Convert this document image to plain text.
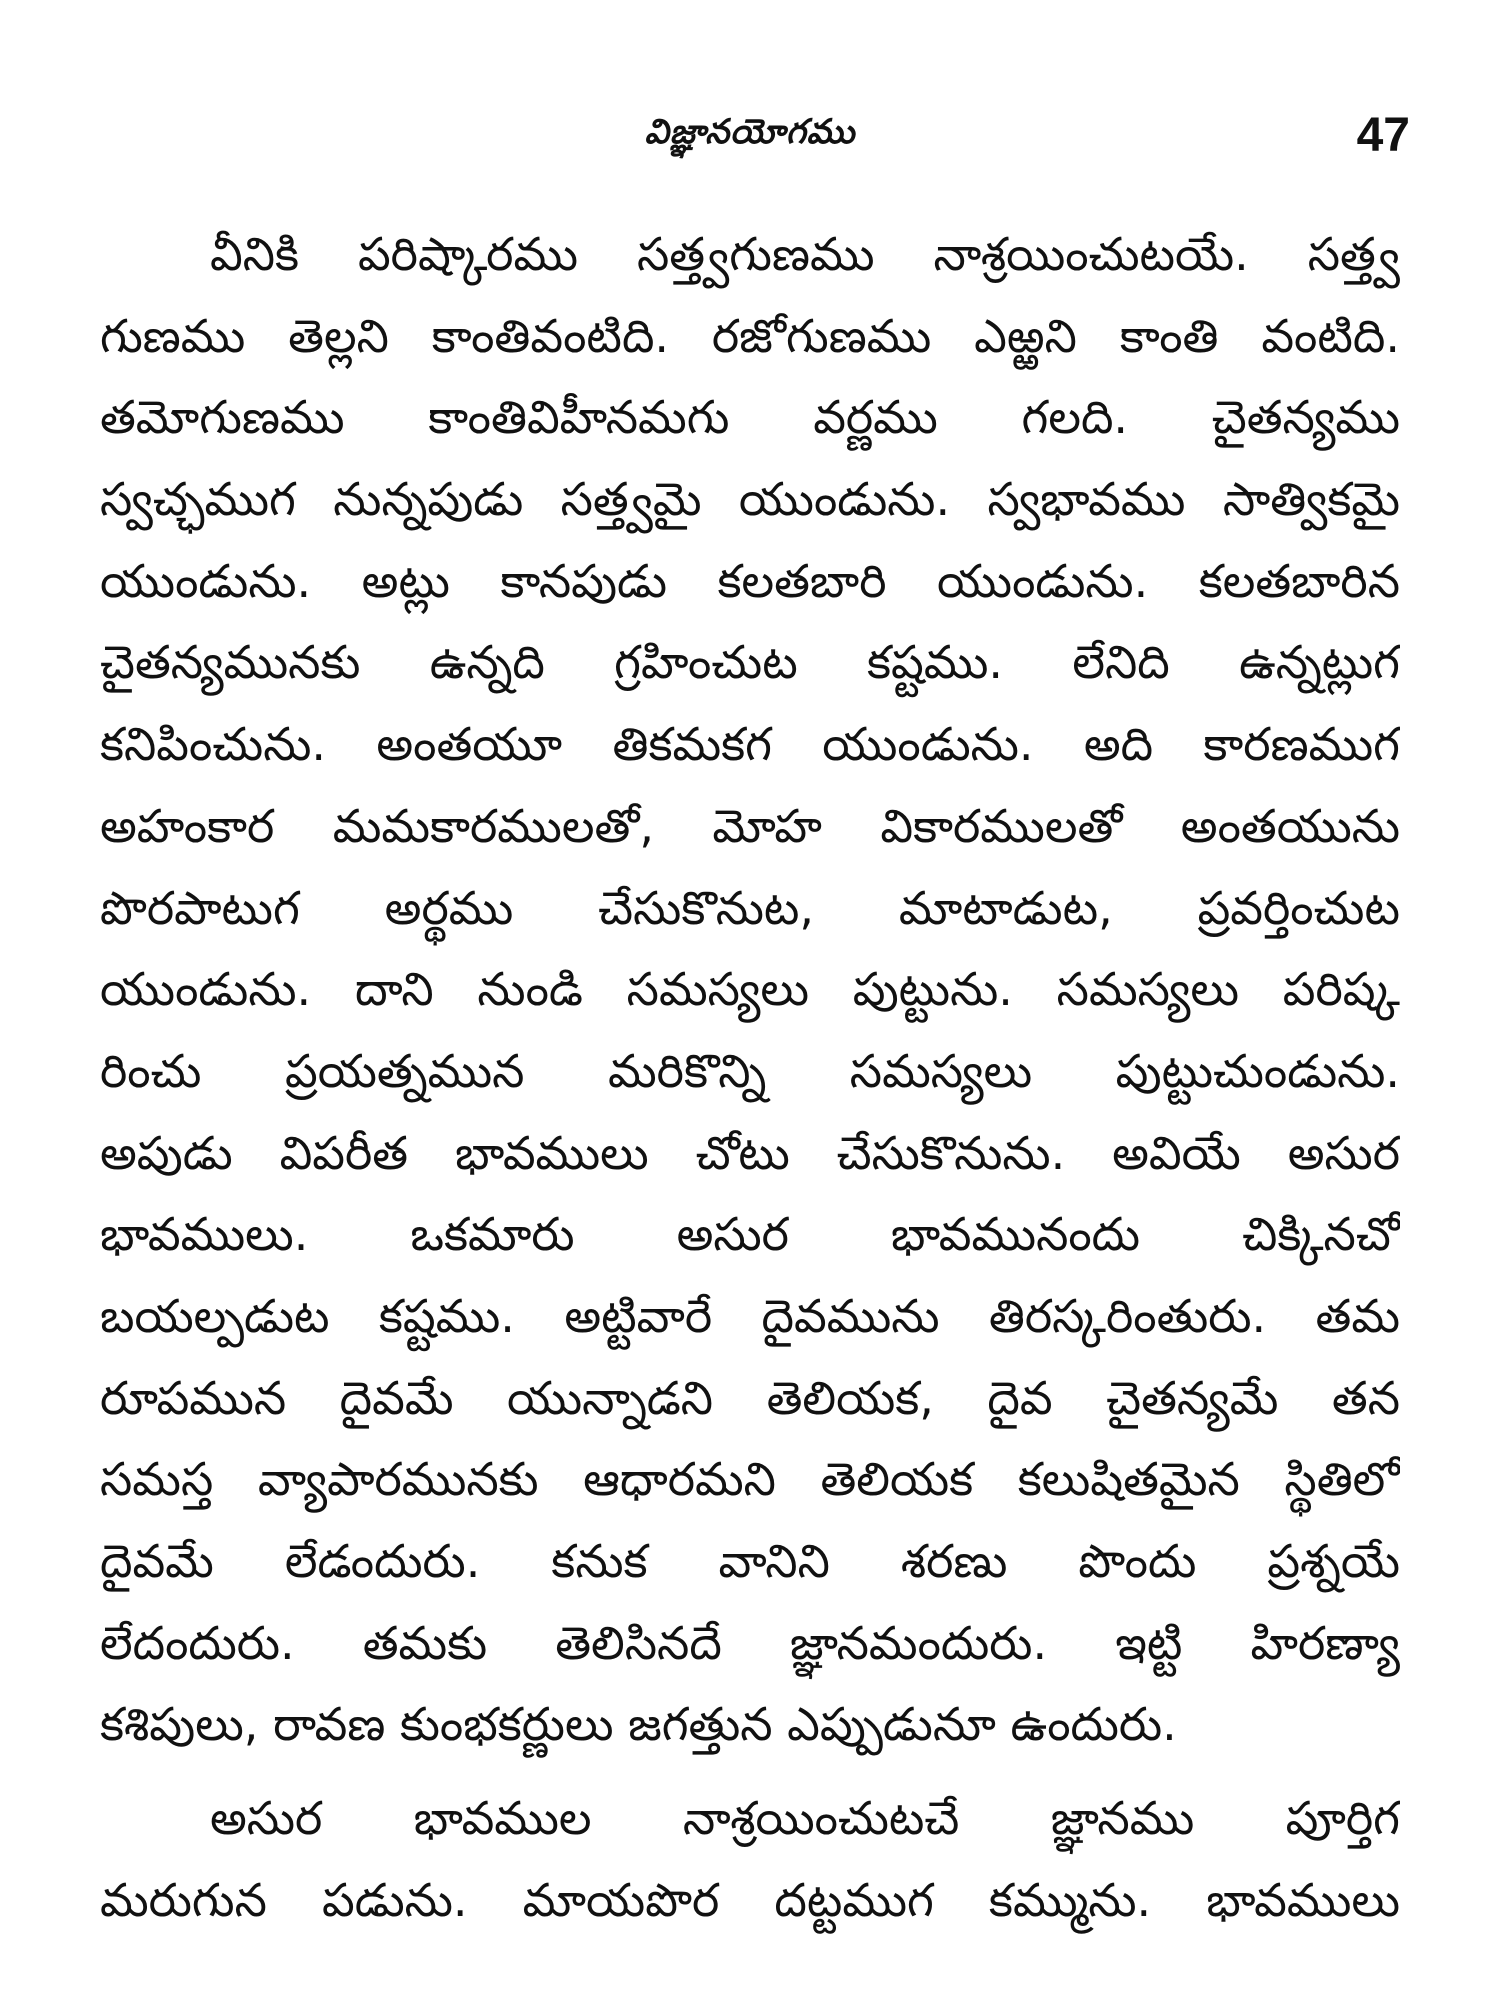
విజ్ఞానయోగము	47
వీనికి పరిష్కారము సత్త్వగుణము నాశ్రయించుటయే. సత్త్వ
గుణము తెల్లని కాంతివంటిది. రజోగుణము ఎఱ్ఱని కాంతి వంటిది.
తమోగుణము కాంతివిహీనమగు వర్ణము గలది. చైతన్యము
స్వచ్ఛముగ నున్నపుడు సత్త్వమై యుండును. స్వభావము సాత్వికమై
యుండును. అట్లు కానపుడు కలతబారి యుండును. కలతబారిన
చైతన్యమునకు ఉన్నది గ్రహించుట కష్టము. లేనిది ఉన్నట్లుగ
కనిపించును. అంతయూ తికమకగ యుండును. అది కారణముగ
అహంకార మమకారములతో, మోహ వికారములతో అంతయును
పొరపాటుగ అర్థము చేసుకొనుట, మాటాడుట, ప్రవర్తించుట
యుండును. దాని నుండి సమస్యలు పుట్టును. సమస్యలు పరిష్క
రించు ప్రయత్నమున మరికొన్ని సమస్యలు పుట్టుచుండును.
అపుడు విపరీత భావములు చోటు చేసుకొనును. అవియే అసుర
భావములు. ఒకమారు అసుర భావమునందు చిక్కినచో
బయల్పడుట కష్టము. అట్టివారే దైవమును తిరస్కరింతురు. తమ
రూపమున దైవమే యున్నాడని తెలియక, దైవ చైతన్యమే తన
సమస్త వ్యాపారమునకు ఆధారమని తెలియక కలుషితమైన స్థితిలో
దైవమే లేడందురు. కనుక వానిని శరణు పొందు ప్రశ్నయే
లేదందురు. తమకు తెలిసినదే జ్ఞానమందురు. ఇట్టి హిరణ్యా
కశిపులు, రావణ కుంభకర్ణులు జగత్తున ఎప్పుడునూ ఉందురు.
అసుర భావముల నాశ్రయించుటచే జ్ఞానము పూర్తిగ
మరుగున పడును. మాయపొర దట్టముగ కమ్మును. భావములు
